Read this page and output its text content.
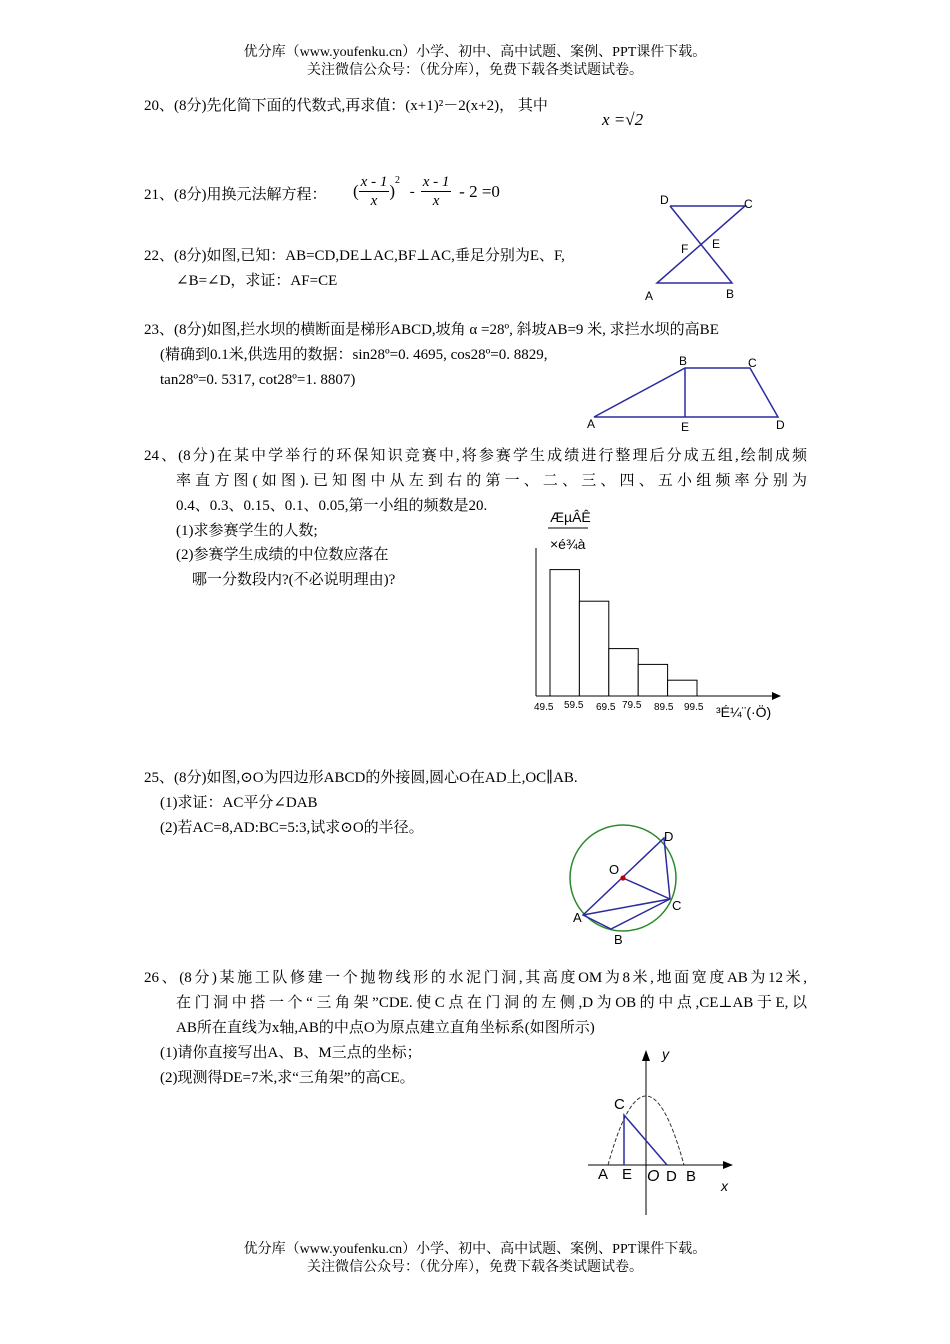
优分库（www.youfenku.cn）小学、初中、高中试题、案例、PPT课件下载。
关注微信公众号：（优分库），免费下载各类试题试卷。
20、(8分)先化简下面的代数式,再求值：(x+1)²－2(x+2)， 其中
x =√2
21、(8分)用换元法解方程： ( $\frac{x - 1}{x} )^2 - \frac{x - 1}{x} - 2 =0$	D	C
F E
A	B
22、(8分)如图,已知：AB=CD,DE⊥AC,BF⊥AC,垂足分别为E、F,
∠B=∠D，求证：AF=CE
23、(8分)如图,拦水坝的横断面是梯形ABCD,坡角 α =28º, 斜坡AB=9 米, 求拦水坝的高BE
(精确到0.1米,供选用的数据：sin28º=0. 4695, cos28º=0. 8829,
tan28º=0. 5317, cot28º=1. 8807)
B	C
A	E	D
24、(8分)在某中学举行的环保知识竞赛中,将参赛学生成绩进行整理后分成五组,绘制成频
率直方图(如图).已知图中从左到右的第一、二、三、四、五小组频率分别为
0.4、0.3、0.15、0.1、0.05,第一小组的频数是20.
(1)求参赛学生的人数;
(2)参赛学生成绩的中位数应落在
哪一分数段内?(不必说明理由)?
ÆµÂÊ
×é¾à
49.5 59.5 69.5 79.5 89.5 99.5 ³É¼¨(·Ö)
25、(8分)如图,⊙O为四边形ABCD的外接圆,圆心O在AD上,OC∥AB.
(1)求证：AC平分∠DAB
(2)若AC=8,AD:BC=5:3,试求⊙O的半径。
D
O
A
C
B
26、(8分)某施工队修建一个抛物线形的水泥门洞,其高度OM为8米,地面宽度AB为12米,
在门洞中搭一个“三角架”CDE.使C点在门洞的左侧,D为OB的中点,CE⊥AB于E,以
AB所在直线为x轴,AB的中点O为原点建立直角坐标系(如图所示)
(1)请你直接写出A、B、M三点的坐标；
(2)现测得DE=7米,求“三角架”的高CE。
y
x
C
A E O D B
优分库（www.youfenku.cn）小学、初中、高中试题、案例、PPT课件下载。
关注微信公众号：（优分库），免费下载各类试题试卷。
